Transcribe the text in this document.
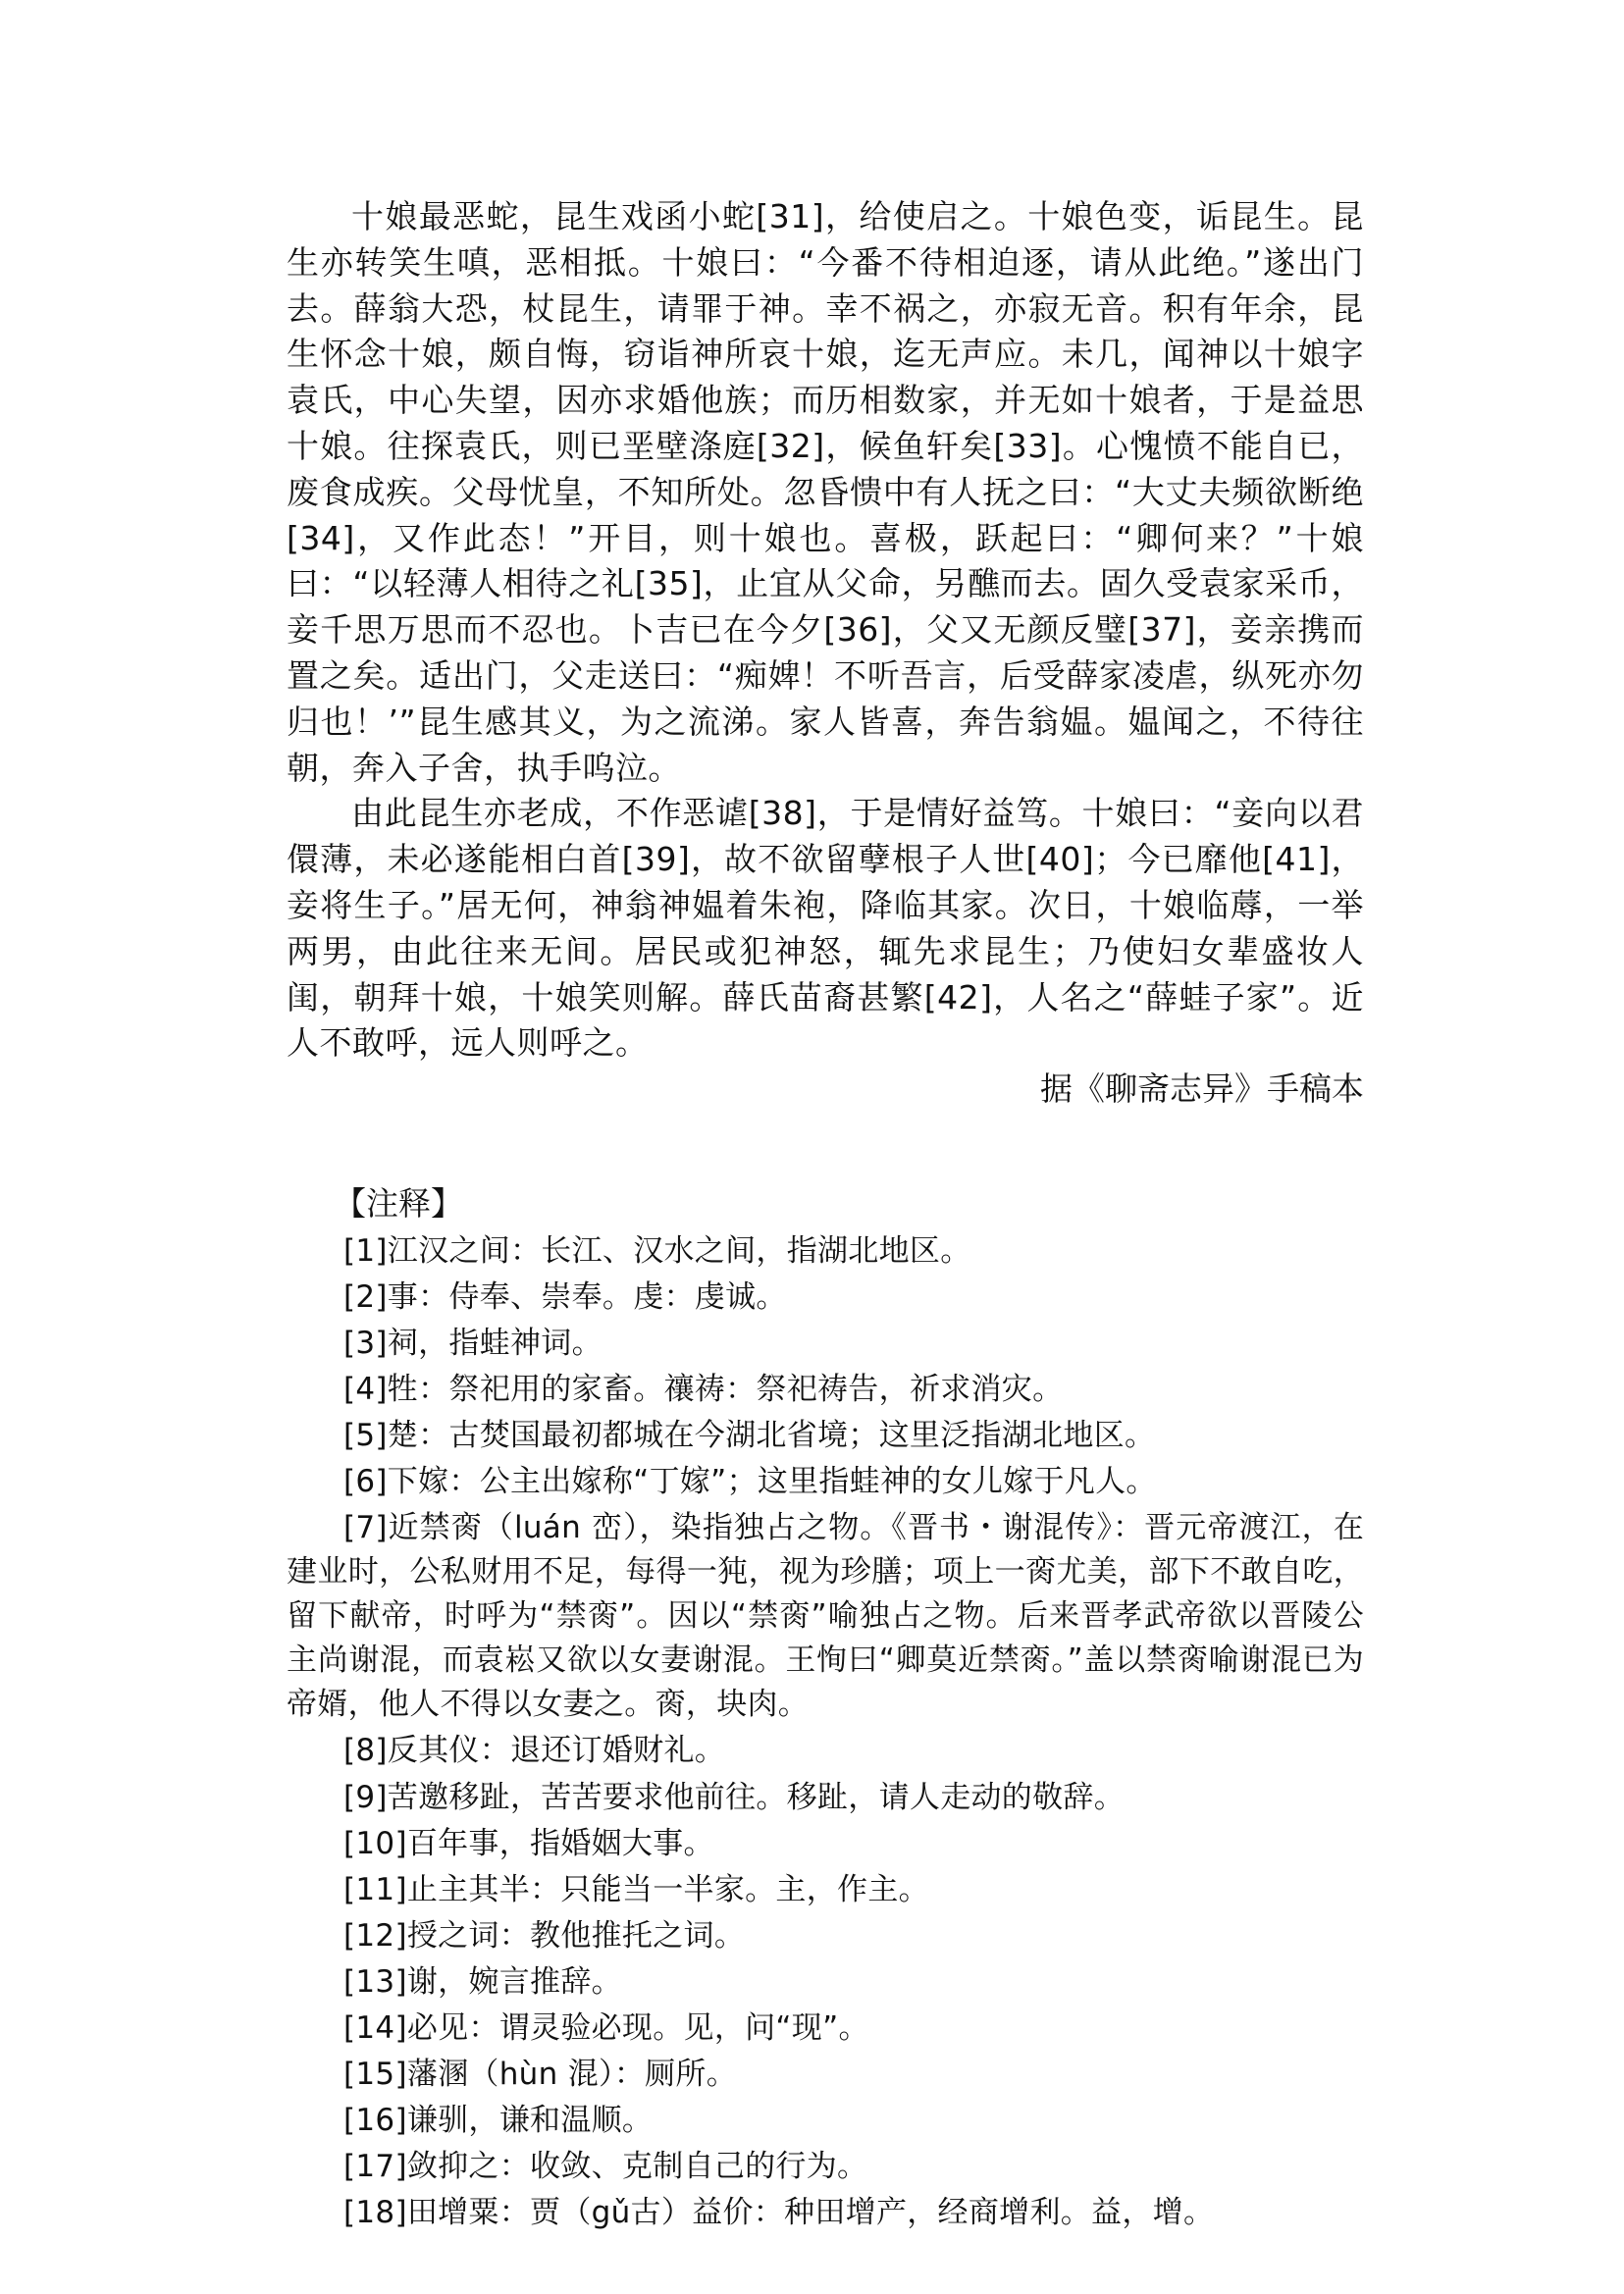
十娘最恶蛇，昆生戏函小蛇[31]，给使启之。十娘色变，诟昆生。昆生亦转笑生嗔，恶相抵。十娘曰：“今番不待相迫逐，请从此绝。”遂出门去。薛翁大恐，杖昆生，请罪于神。幸不祸之，亦寂无音。积有年余，昆生怀念十娘，颇自悔，窃诣神所哀十娘，迄无声应。未几，闻神以十娘字袁氏，中心失望，因亦求婚他族；而历相数家，并无如十娘者，于是益思十娘。往探袁氏，则已垩壁涤庭[32]，候鱼轩矣[33]。心愧愤不能自已，废食成疾。父母忧皇，不知所处。忽昏愦中有人抚之曰：“大丈夫频欲断绝[34]，又作此态！”开目，则十娘也。喜极，跃起曰：“卿何来？”十娘曰：“以轻薄人相待之礼[35]，止宜从父命，另醮而去。固久受袁家采币，妾千思万思而不忍也。卜吉已在今夕[36]，父又无颜反璧[37]，妾亲携而置之矣。适出门，父走送曰：“痴婢！不听吾言，后受薛家凌虐，纵死亦勿归也！’”昆生感其义，为之流涕。家人皆喜，奔告翁媪。媪闻之，不待往朝，奔入子舍，执手呜泣。

由此昆生亦老成，不作恶谑[38]，于是情好益笃。十娘曰：“妾向以君儇薄，未必遂能相白首[39]，故不欲留孽根子人世[40]；今已靡他[41]，妾将生子。”居无何，神翁神媪着朱袍，降临其家。次日，十娘临蓐，一举两男，由此往来无间。居民或犯神怒，辄先求昆生；乃使妇女辈盛妆人闺，朝拜十娘，十娘笑则解。薛氏苗裔甚繁[42]，人名之“薛蛙子家”。近人不敢呼，远人则呼之。

据《聊斋志异》手稿本

【注释】

[1]江汉之间：长江、汉水之间，指湖北地区。

[2]事：侍奉、崇奉。虔：虔诚。

[3]祠，指蛙神词。

[4]牲：祭祀用的家畜。禳祷：祭祀祷告，祈求消灾。

[5]楚：古焚国最初都城在今湖北省境；这里泛指湖北地区。

[6]下嫁：公主出嫁称“丁嫁”；这里指蛙神的女儿嫁于凡人。

[7]近禁脔（luán 峦），染指独占之物。《晋书・谢混传》：晋元帝渡江，在建业时，公私财用不足，每得一㹠，视为珍膳；项上一脔尤美，部下不敢自吃，留下献帝，时呼为“禁脔”。因以“禁脔”喻独占之物。后来晋孝武帝欲以晋陵公主尚谢混，而袁崧又欲以女妻谢混。王恂曰“卿莫近禁脔。”盖以禁脔喻谢混已为帝婿，他人不得以女妻之。脔，块肉。

[8]反其仪：退还订婚财礼。

[9]苦邀移趾，苦苦要求他前往。移趾，请人走动的敬辞。

[10]百年事，指婚姻大事。

[11]止主其半：只能当一半家。主，作主。

[12]授之词：教他推托之词。

[13]谢，婉言推辞。

[14]必见：谓灵验必现。见，问“现”。

[15]藩溷（hùn 混）：厕所。

[16]谦驯，谦和温顺。

[17]敛抑之：收敛、克制自己的行为。

[18]田增粟：贾（gǔ古）益价：种田增产，经商增利。益，增。
